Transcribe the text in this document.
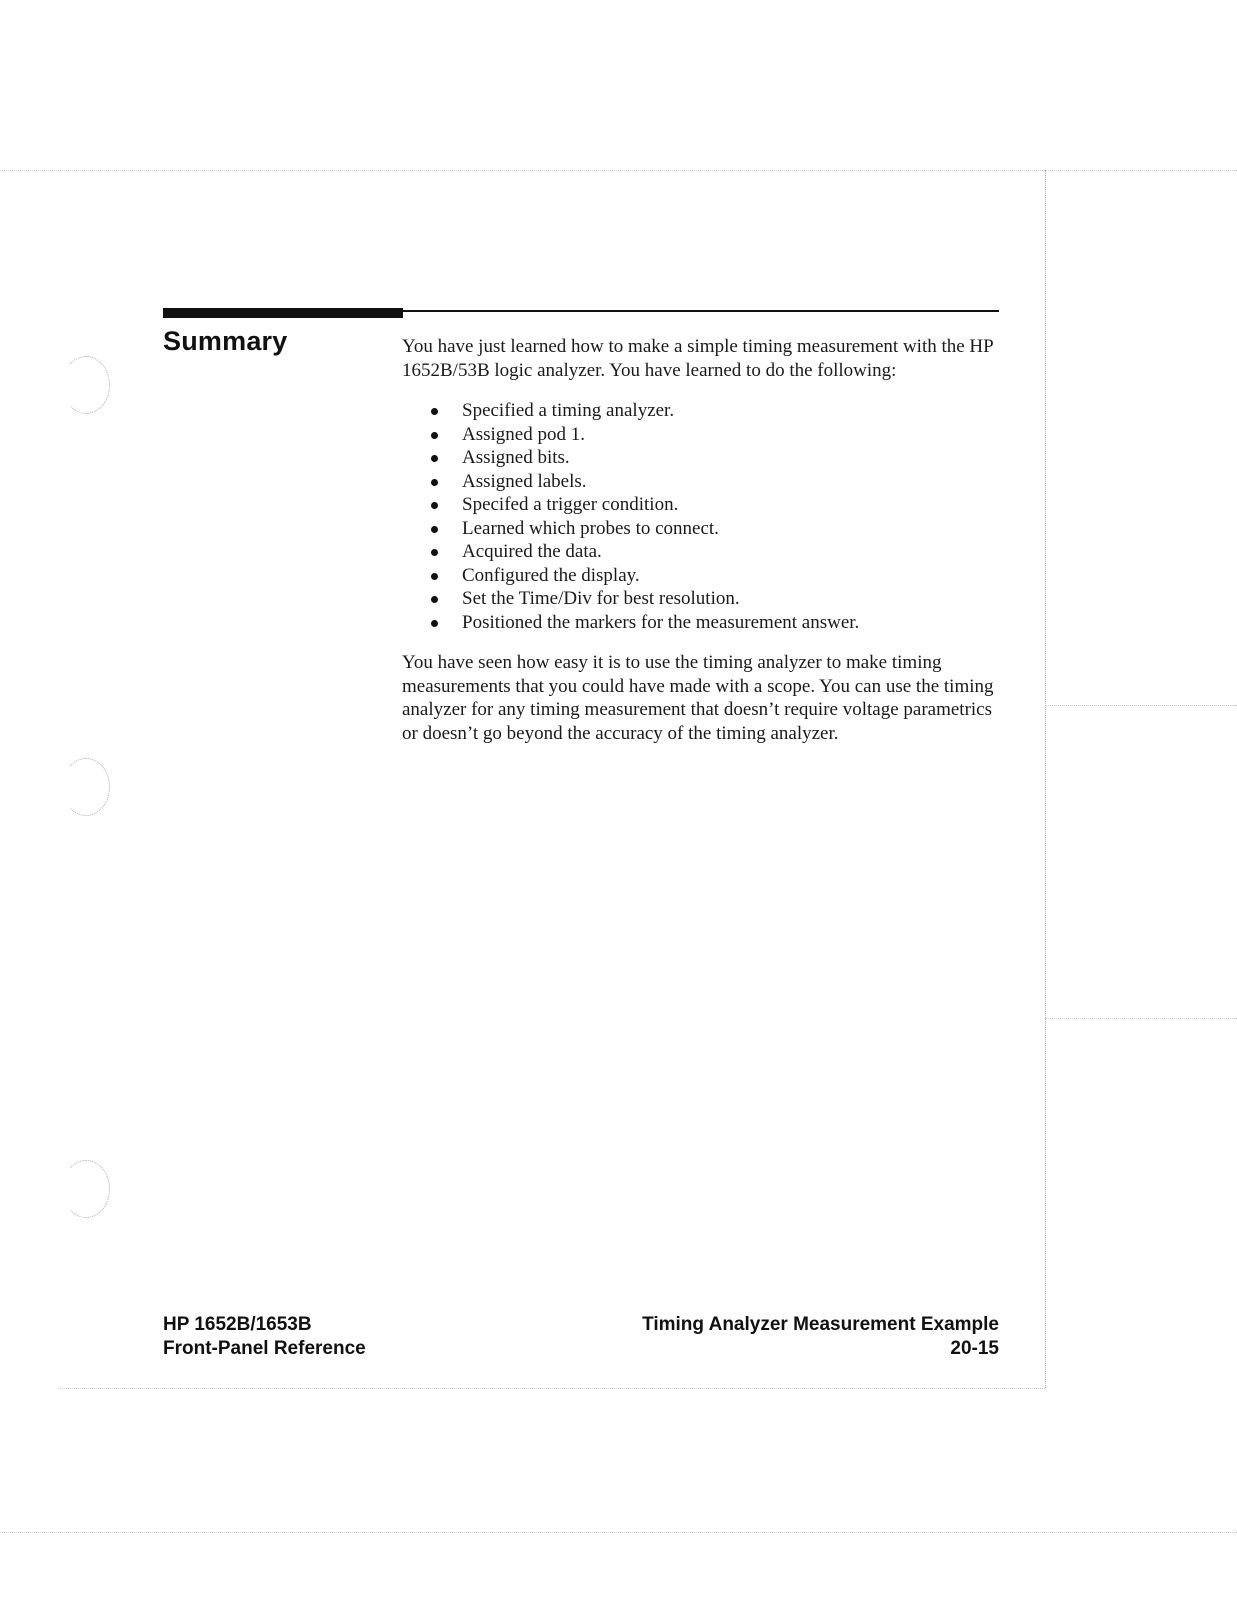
Summary	You have just learned how to make a simple timing measurement with the HP 1652B/53B logic analyzer. You have learned to do the following:

Specified a timing analyzer.
Assigned pod 1.
Assigned bits.
Assigned labels.
Specifed a trigger condition.
Learned which probes to connect.
Acquired the data.
Configured the display.
Set the Time/Div for best resolution.
Positioned the markers for the measurement answer.

You have seen how easy it is to use the timing analyzer to make timing measurements that you could have made with a scope. You can use the timing analyzer for any timing measurement that doesn’t require voltage parametrics or doesn’t go beyond the accuracy of the timing analyzer.

HP 1652B/1653B
Front-Panel Reference
Timing Analyzer Measurement Example
20-15
